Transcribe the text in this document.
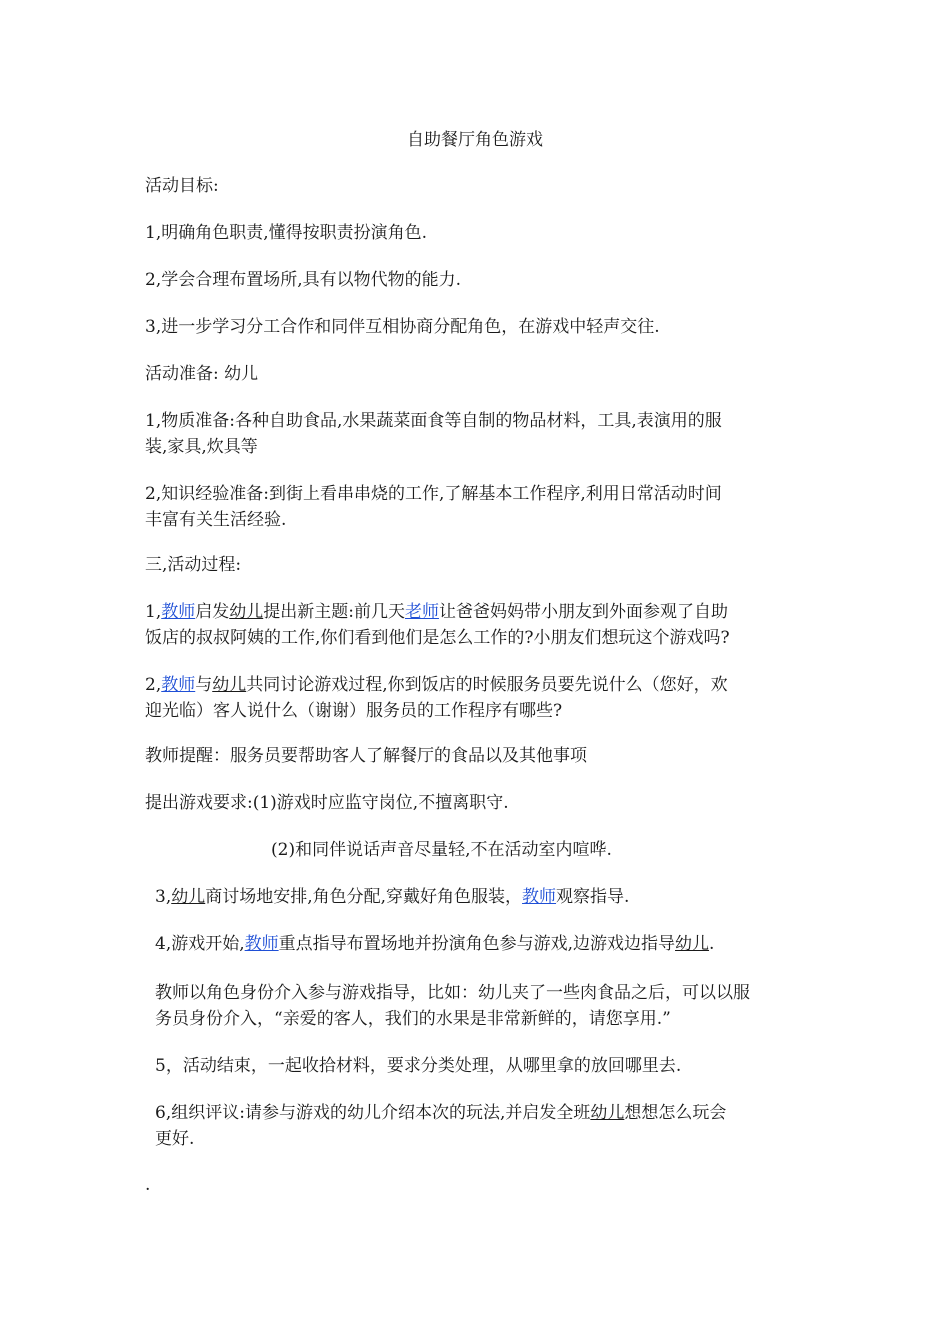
自助餐厅角色游戏
活动目标:
1,明确角色职责,懂得按职责扮演角色.
2,学会合理布置场所,具有以物代物的能力.
3,进一步学习分工合作和同伴互相协商分配角色，在游戏中轻声交往.
活动准备: 幼儿
1,物质准备:各种自助食品,水果蔬菜面食等自制的物品材料，工具,表演用的服
装,家具,炊具等
2,知识经验准备:到街上看串串烧的工作,了解基本工作程序,利用日常活动时间
丰富有关生活经验.
三,活动过程:
1,教师启发幼儿提出新主题:前几天老师让爸爸妈妈带小朋友到外面参观了自助
饭店的叔叔阿姨的工作,你们看到他们是怎么工作的?小朋友们想玩这个游戏吗?
2,教师与幼儿共同讨论游戏过程,你到饭店的时候服务员要先说什么（您好，欢
迎光临）客人说什么（谢谢）服务员的工作程序有哪些?
教师提醒：服务员要帮助客人了解餐厅的食品以及其他事项
提出游戏要求:(1)游戏时应监守岗位,不擅离职守.
(2)和同伴说话声音尽量轻,不在活动室内喧哗.
3,幼儿商讨场地安排,角色分配,穿戴好角色服装，教师观察指导.
4,游戏开始,教师重点指导布置场地并扮演角色参与游戏,边游戏边指导幼儿.
教师以角色身份介入参与游戏指导，比如：幼儿夹了一些肉食品之后，可以以服
务员身份介入，“亲爱的客人，我们的水果是非常新鲜的，请您享用.”
5，活动结束，一起收拾材料，要求分类处理，从哪里拿的放回哪里去.
6,组织评议:请参与游戏的幼儿介绍本次的玩法,并启发全班幼儿想想怎么玩会
更好.
.
